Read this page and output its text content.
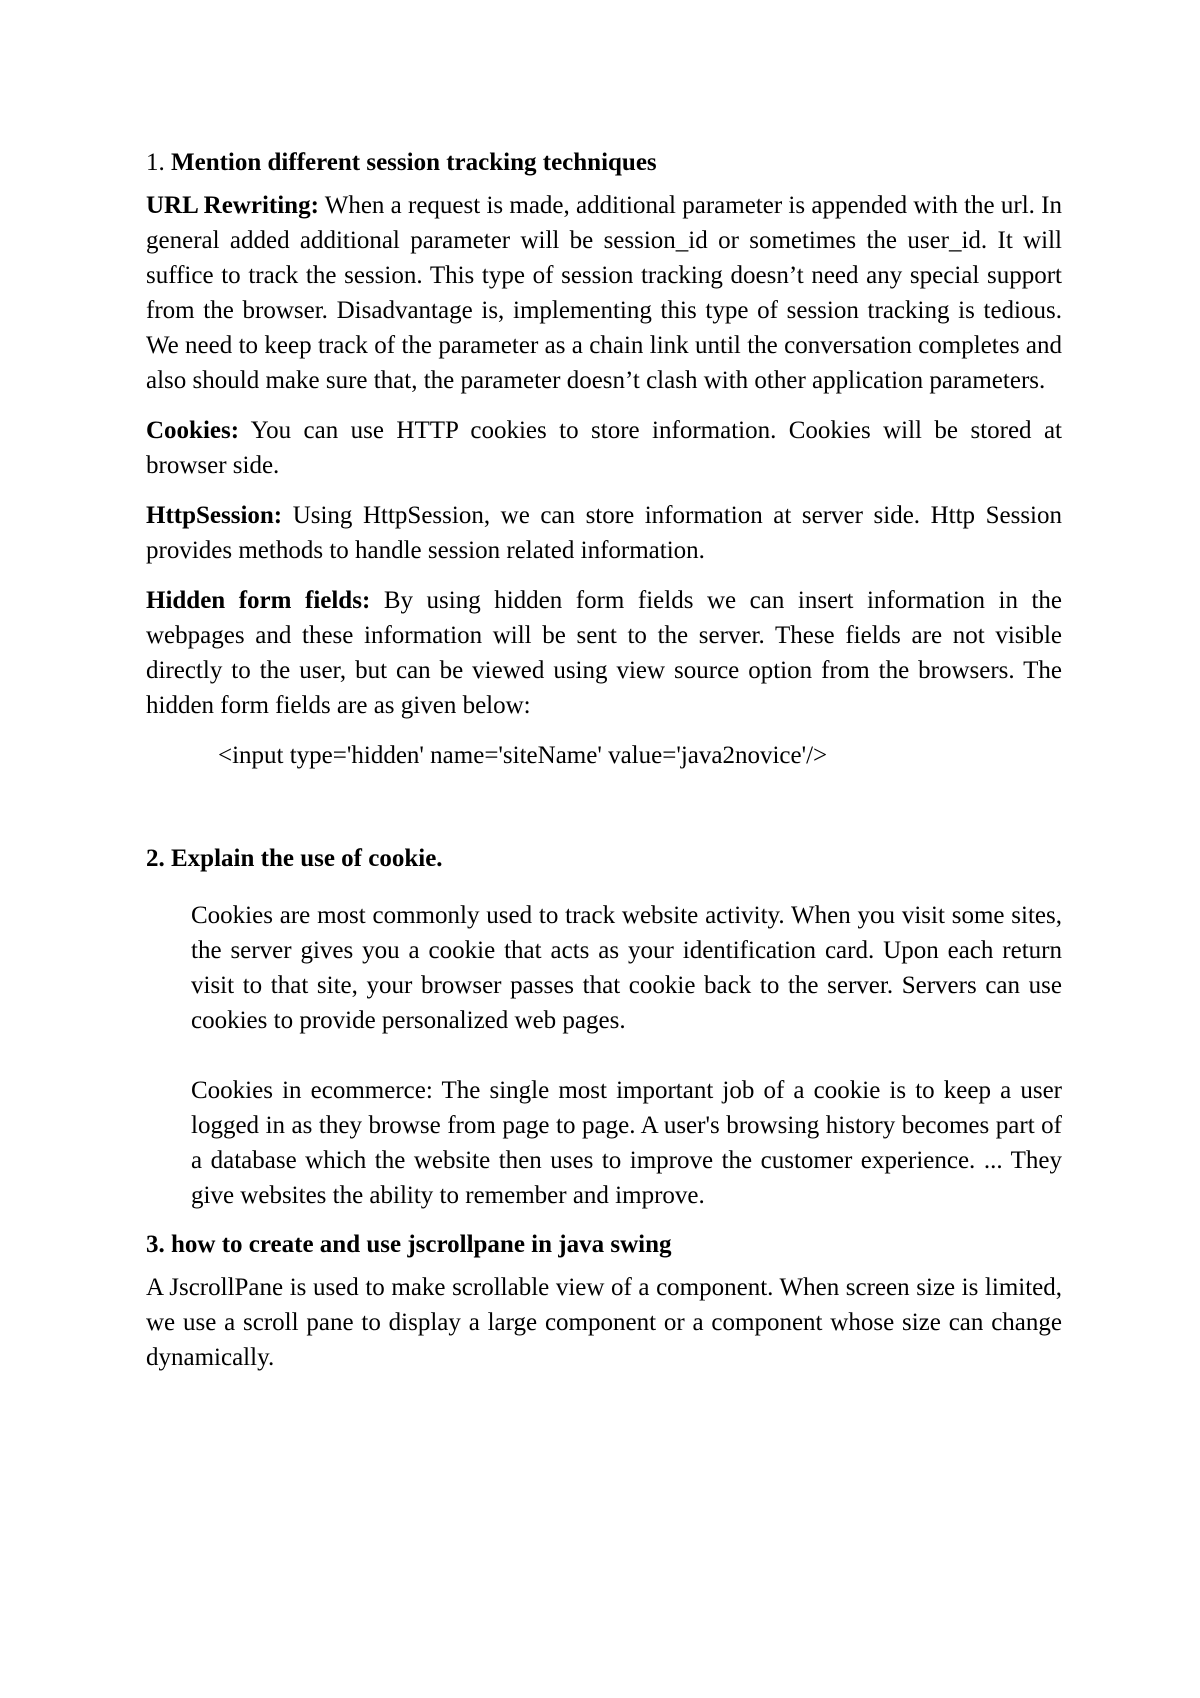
1. Mention different session tracking techniques
URL Rewriting: When a request is made, additional parameter is appended with the url. In general added additional parameter will be session_id or sometimes the user_id. It will suffice to track the session. This type of session tracking doesn’t need any special support from the browser. Disadvantage is, implementing this type of session tracking is tedious. We need to keep track of the parameter as a chain link until the conversation completes and also should make sure that, the parameter doesn’t clash with other application parameters.
Cookies: You can use HTTP cookies to store information. Cookies will be stored at browser side.
HttpSession: Using HttpSession, we can store information at server side. Http Session provides methods to handle session related information.
Hidden form fields: By using hidden form fields we can insert information in the webpages and these information will be sent to the server. These fields are not visible directly to the user, but can be viewed using view source option from the browsers. The hidden form fields are as given below:
<input type='hidden' name='siteName' value='java2novice'/>
2. Explain the use of cookie.
Cookies are most commonly used to track website activity. When you visit some sites, the server gives you a cookie that acts as your identification card. Upon each return visit to that site, your browser passes that cookie back to the server. Servers can use cookies to provide personalized web pages.
Cookies in ecommerce: The single most important job of a cookie is to keep a user logged in as they browse from page to page. A user's browsing history becomes part of a database which the website then uses to improve the customer experience. ... They give websites the ability to remember and improve.
3. how to create and use jscrollpane in java swing
A JscrollPane is used to make scrollable view of a component. When screen size is limited, we use a scroll pane to display a large component or a component whose size can change dynamically.
